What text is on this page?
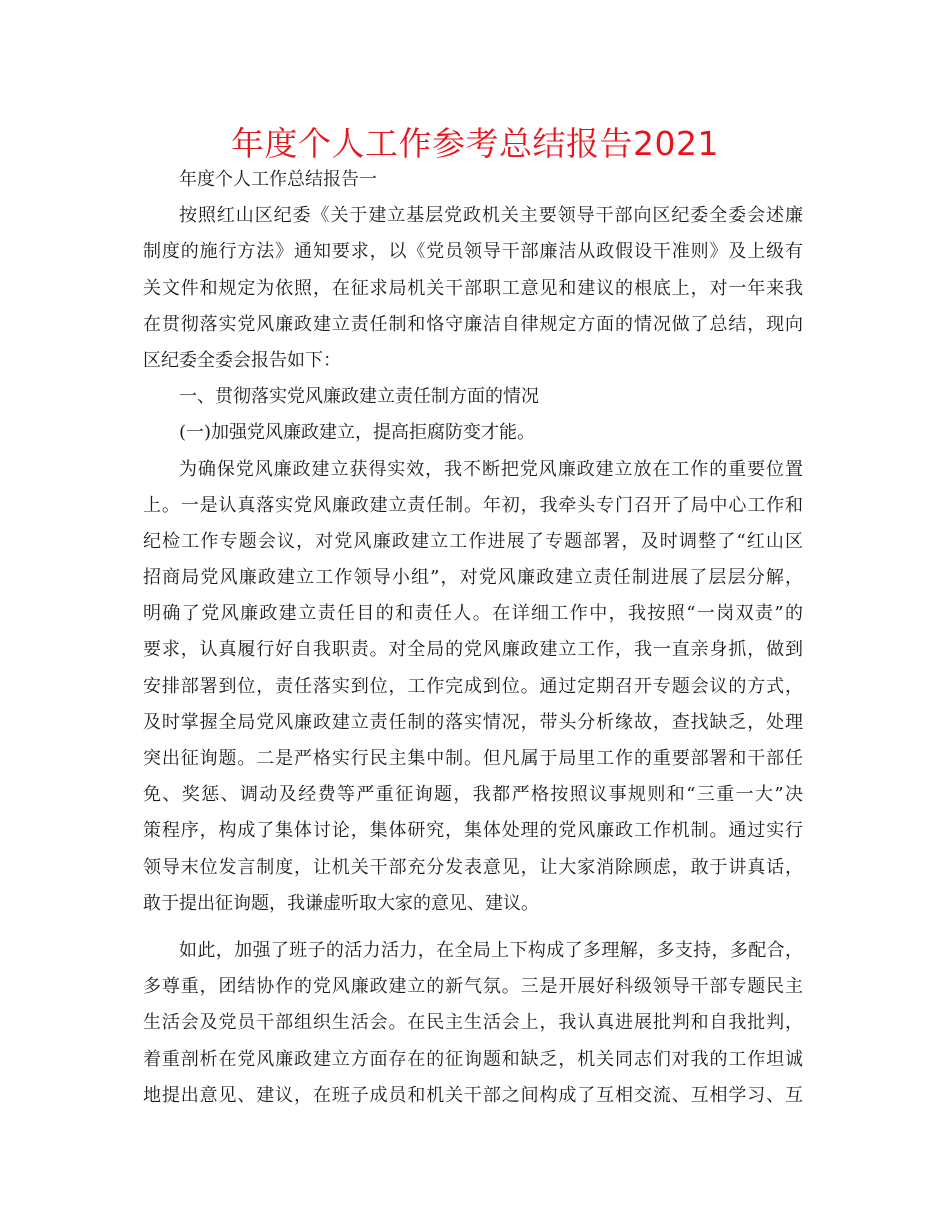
年度个人工作参考总结报告2021
年度个人工作总结报告一
按照红山区纪委《关于建立基层党政机关主要领导干部向区纪委全委会述廉
制度的施行方法》通知要求，以《党员领导干部廉洁从政假设干准则》及上级有
关文件和规定为依照，在征求局机关干部职工意见和建议的根底上，对一年来我
在贯彻落实党风廉政建立责任制和恪守廉洁自律规定方面的情况做了总结，现向
区纪委全委会报告如下：
一、贯彻落实党风廉政建立责任制方面的情况
(一)加强党风廉政建立，提高拒腐防变才能。
为确保党风廉政建立获得实效，我不断把党风廉政建立放在工作的重要位置
上。一是认真落实党风廉政建立责任制。年初，我牵头专门召开了局中心工作和
纪检工作专题会议，对党风廉政建立工作进展了专题部署，及时调整了“红山区
招商局党风廉政建立工作领导小组”，对党风廉政建立责任制进展了层层分解，
明确了党风廉政建立责任目的和责任人。在详细工作中，我按照“一岗双责”的
要求，认真履行好自我职责。对全局的党风廉政建立工作，我一直亲身抓，做到
安排部署到位，责任落实到位，工作完成到位。通过定期召开专题会议的方式，
及时掌握全局党风廉政建立责任制的落实情况，带头分析缘故，查找缺乏，处理
突出征询题。二是严格实行民主集中制。但凡属于局里工作的重要部署和干部任
免、奖惩、调动及经费等严重征询题，我都严格按照议事规则和“三重一大”决
策程序，构成了集体讨论，集体研究，集体处理的党风廉政工作机制。通过实行
领导末位发言制度，让机关干部充分发表意见，让大家消除顾虑，敢于讲真话，
敢于提出征询题，我谦虚听取大家的意见、建议。
如此，加强了班子的活力活力，在全局上下构成了多理解，多支持，多配合，
多尊重，团结协作的党风廉政建立的新气氛。三是开展好科级领导干部专题民主
生活会及党员干部组织生活会。在民主生活会上，我认真进展批判和自我批判，
着重剖析在党风廉政建立方面存在的征询题和缺乏，机关同志们对我的工作坦诚
地提出意见、建议，在班子成员和机关干部之间构成了互相交流、互相学习、互
